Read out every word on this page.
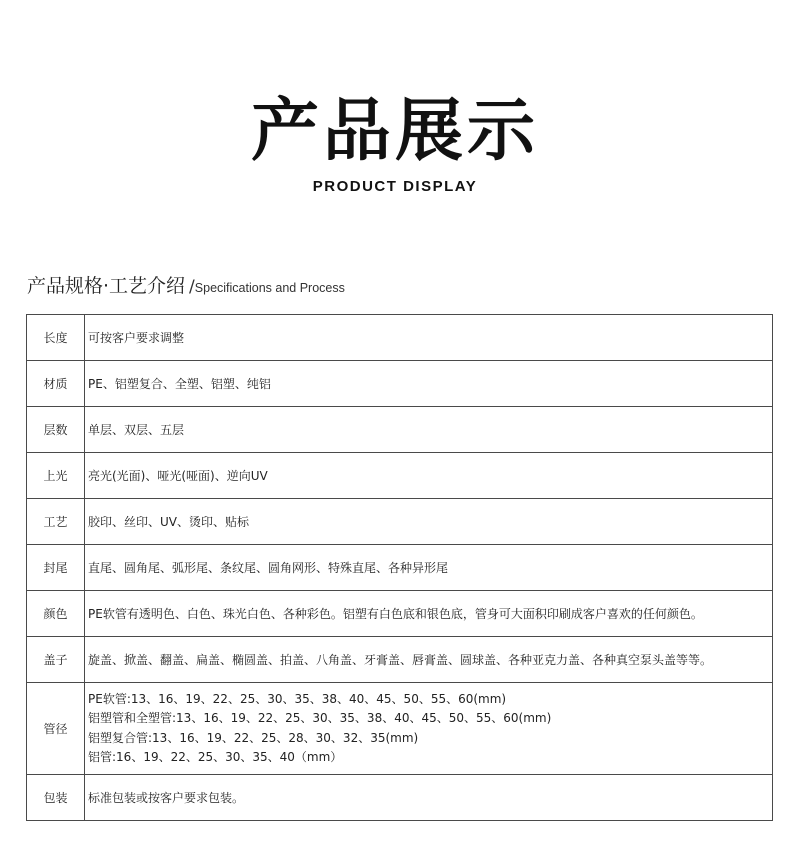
产品展示
PRODUCT DISPLAY
产品规格·工艺介绍 /Specifications and Process
长度	可按客户要求调整
材质	PE、铝塑复合、全塑、铝塑、纯铝
层数	单层、双层、五层
上光	亮光(光面)、哑光(哑面)、逆向UV
工艺	胶印、丝印、UV、烫印、贴标
封尾	直尾、圆角尾、弧形尾、条纹尾、圆角网形、特殊直尾、各种异形尾
颜色	PE软管有透明色、白色、珠光白色、各种彩色。铝塑有白色底和银色底，管身可大面积印刷成客户喜欢的任何颜色。
盖子	旋盖、掀盖、翻盖、扁盖、椭圆盖、拍盖、八角盖、牙膏盖、唇膏盖、圆球盖、各种亚克力盖、各种真空泵头盖等等。
管径	PE软管:13、16、19、22、25、30、35、38、40、45、50、55、60(mm)
铝塑管和全塑管:13、16、19、22、25、30、35、38、40、45、50、55、60(mm)
铝塑复合管:13、16、19、22、25、28、30、32、35(mm)
铝管:16、19、22、25、30、35、40（mm）

包装	标准包装或按客户要求包装。
